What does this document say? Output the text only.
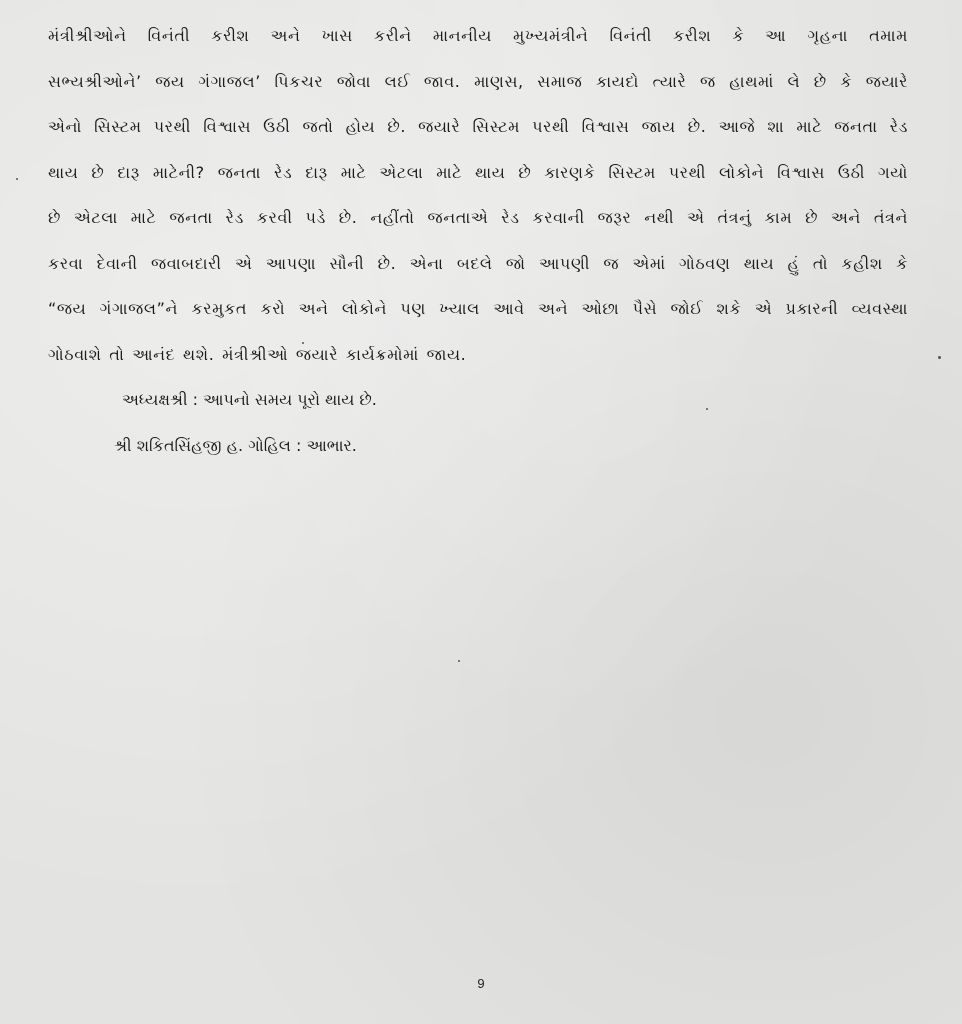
મંત્રીશ્રીઓને વિનંતી કરીશ અને ખાસ કરીને માનનીય મુખ્યમંત્રીને વિનંતી કરીશ કે આ ગૃહના તમામ
સભ્યશ્રીઓને’ જય ગંગાજલ’ પિકચર જોવા લઈ જાવ. માણસ, સમાજ કાયદો ત્યારે જ હાથમાં લે છે કે જયારે
એનો સિસ્ટમ પરથી વિશ્વાસ ઉઠી જતો હોય છે. જયારે સિસ્ટમ પરથી વિશ્વાસ જાય છે. આજે શા માટે જનતા રેડ
થાય છે દારૂ માટેની? જનતા રેડ દારૂ માટે એટલા માટે થાય છે કારણકે સિસ્ટમ પરથી લોકોને વિશ્વાસ ઉઠી ગયો
છે એટલા માટે જનતા રેડ કરવી પડે છે. નહીંતો જનતાએ રેડ કરવાની જરૂર નથી એ તંત્રનું કામ છે અને તંત્રને
કરવા દેવાની જવાબદારી એ આપણા સૌની છે. એના બદલે જો આપણી જ એમાં ગોઠવણ થાય હું તો કહીશ કે
“જય ગંગાજલ”ને કરમુકત કરો અને લોકોને પણ ખ્યાલ આવે અને ઓછા પૈસે જોઈ શકે એ પ્રકારની વ્યવસ્થા
ગોઠવાશે તો આનંદ થશે. મંત્રીશ્રીઓ જયારે કાર્યક્રમોમાં જાય.
અધ્યક્ષશ્રી : આપનો સમય પૂરો થાય છે.
શ્રી શકિતસિંહજી હ. ગોહિલ : આભાર.
9
